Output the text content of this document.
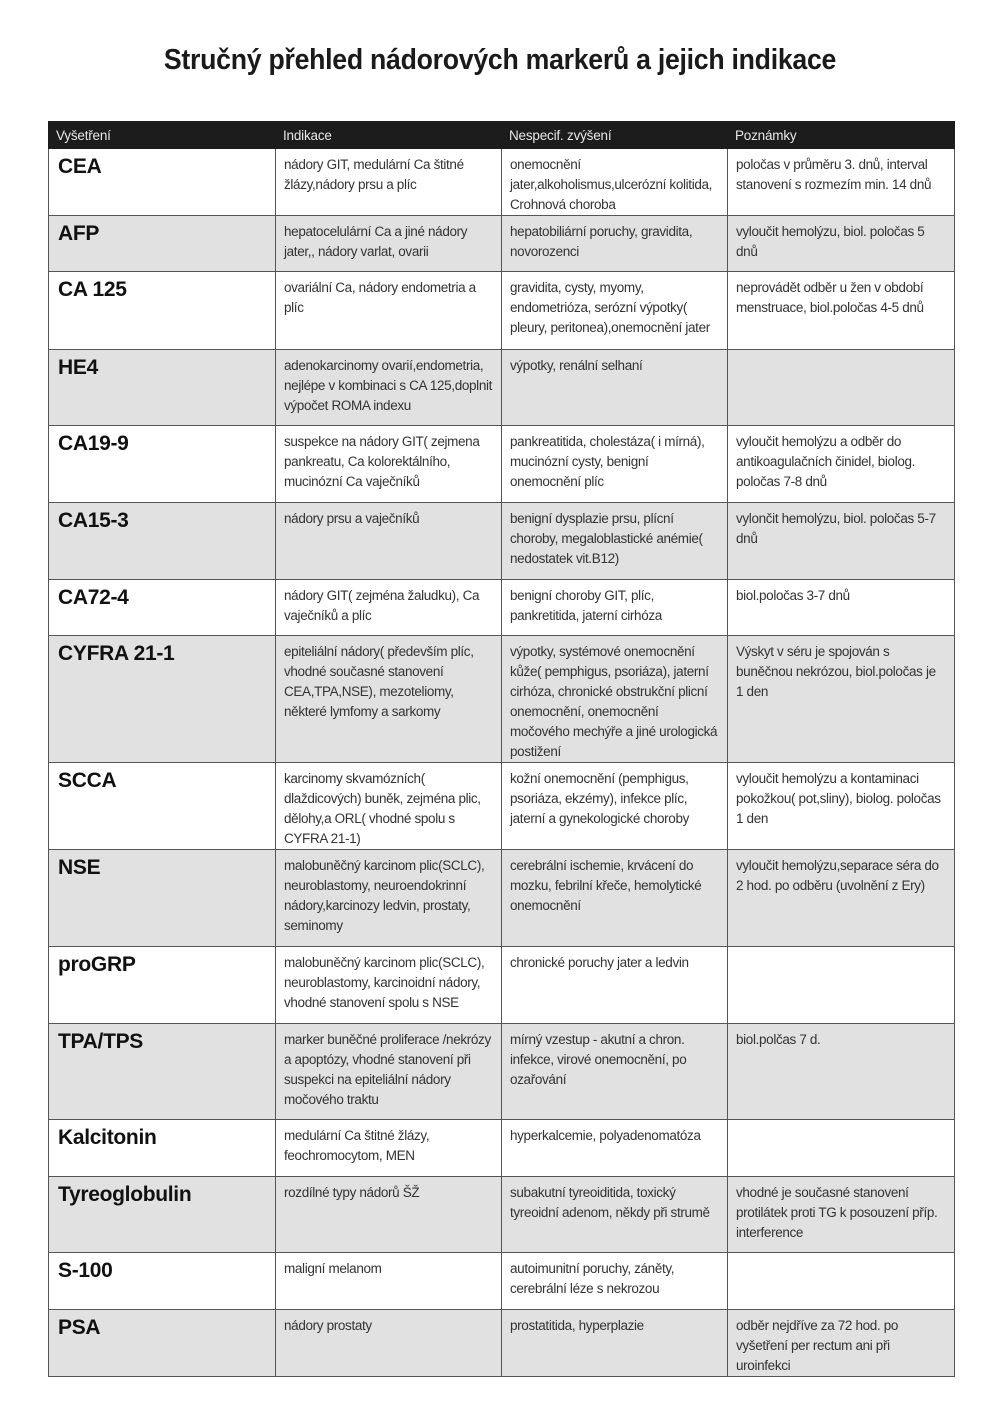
Stručný přehled nádorových markerů a jejich indikace
Vyšetření	Indikace	Nespecif. zvýšení	Poznámky
CEA	nádory GIT, medulární Ca štitné žlázy,nádory prsu a plíc	onemocnění jater,alkoholismus,ulcerózní kolitida, Crohnová choroba	poločas v průměru 3. dnů, interval stanovení s rozmezím min. 14 dnů
AFP	hepatocelulární Ca a jiné nádory jater,, nádory varlat, ovarii	hepatobiliární poruchy, gravidita, novorozenci	vyloučit hemolýzu, biol. poločas 5 dnů
CA 125	ovariální Ca, nádory endometria a plíc	gravidita, cysty, myomy, endometrióza, serózní výpotky( pleury, peritonea),onemocnění jater	neprovádět odběr u žen v období menstruace, biol.poločas 4-5 dnů
HE4	adenokarcinomy ovarií,endometria, nejlépe v kombinaci s CA 125,doplnit výpočet ROMA indexu	výpotky, renální selhaní	
CA19-9	suspekce na nádory GIT( zejmena pankreatu, Ca kolorektálního, mucinózní Ca vaječníků	pankreatitida, cholestáza( i mírná), mucinózní cysty, benigní onemocnění plíc	vyloučit hemolýzu a odběr do antikoagulačních činidel, biolog. poločas 7-8 dnů
CA15-3	nádory prsu a vaječníků	benigní dysplazie prsu, plícní choroby, megaloblastické anémie( nedostatek vit.B12)	vylončit hemolýzu, biol. poločas 5-7 dnů
CA72-4	nádory GIT( zejména žaludku), Ca vaječníků a plíc	benigní choroby GIT, plíc, pankretitida, jaterní cirhóza	biol.poločas 3-7 dnů
CYFRA 21-1	epiteliální nádory( především plíc, vhodné současné stanovení CEA,TPA,NSE), mezoteliomy, některé lymfomy a sarkomy	výpotky, systémové onemocnění kůže( pemphigus, psoriáza), jaterní cirhóza, chronické obstrukční plicní onemocnění, onemocnění močového mechýře a jiné urologická postižení	Výskyt v séru je spojován s buněčnou nekrózou, biol.poločas je 1 den
SCCA	karcinomy skvamózních( dlaždicových) buněk, zejména plic, dělohy,a ORL( vhodné spolu s CYFRA 21-1)	kožní onemocnění (pemphigus, psoriáza, ekzémy), infekce plíc, jaterní a gynekologické choroby	vyloučit hemolýzu a kontaminaci pokožkou( pot,sliny), biolog. poločas 1 den
NSE	malobuněčný karcinom plic(SCLC), neuroblastomy, neuroendokrinní nádory,karcinozy ledvin, prostaty, seminomy	cerebrální ischemie, krvácení do mozku, febrilní křeče, hemolytické onemocnění	vyloučit hemolýzu,separace séra do 2 hod. po odběru (uvolnění z Ery)
proGRP	malobuněčný karcinom plic(SCLC), neuroblastomy, karcinoidní nádory, vhodné stanovení spolu s NSE	chronické poruchy jater a ledvin	
TPA/TPS	marker buněčné proliferace /nekrózy a apoptózy, vhodné stanovení při suspekci na epiteliální nádory močového traktu	mírný vzestup - akutní a chron. infekce, virové onemocnění, po ozařování	biol.polčas 7 d.
Kalcitonin	medulární Ca štitné žlázy, feochromocytom, MEN	hyperkalcemie, polyadenomatóza	
Tyreoglobulin	rozdílné typy nádorů ŠŽ	subakutní tyreoiditida, toxický tyreoidní adenom, někdy při strumě	vhodné je současné stanovení protilátek proti TG k posouzení příp. interference
S-100	maligní melanom	autoimunitní poruchy, záněty, cerebrální léze s nekrozou	
PSA	nádory prostaty	prostatitida, hyperplazie	odběr nejdříve za 72 hod. po vyšetření per rectum ani při uroinfekci
